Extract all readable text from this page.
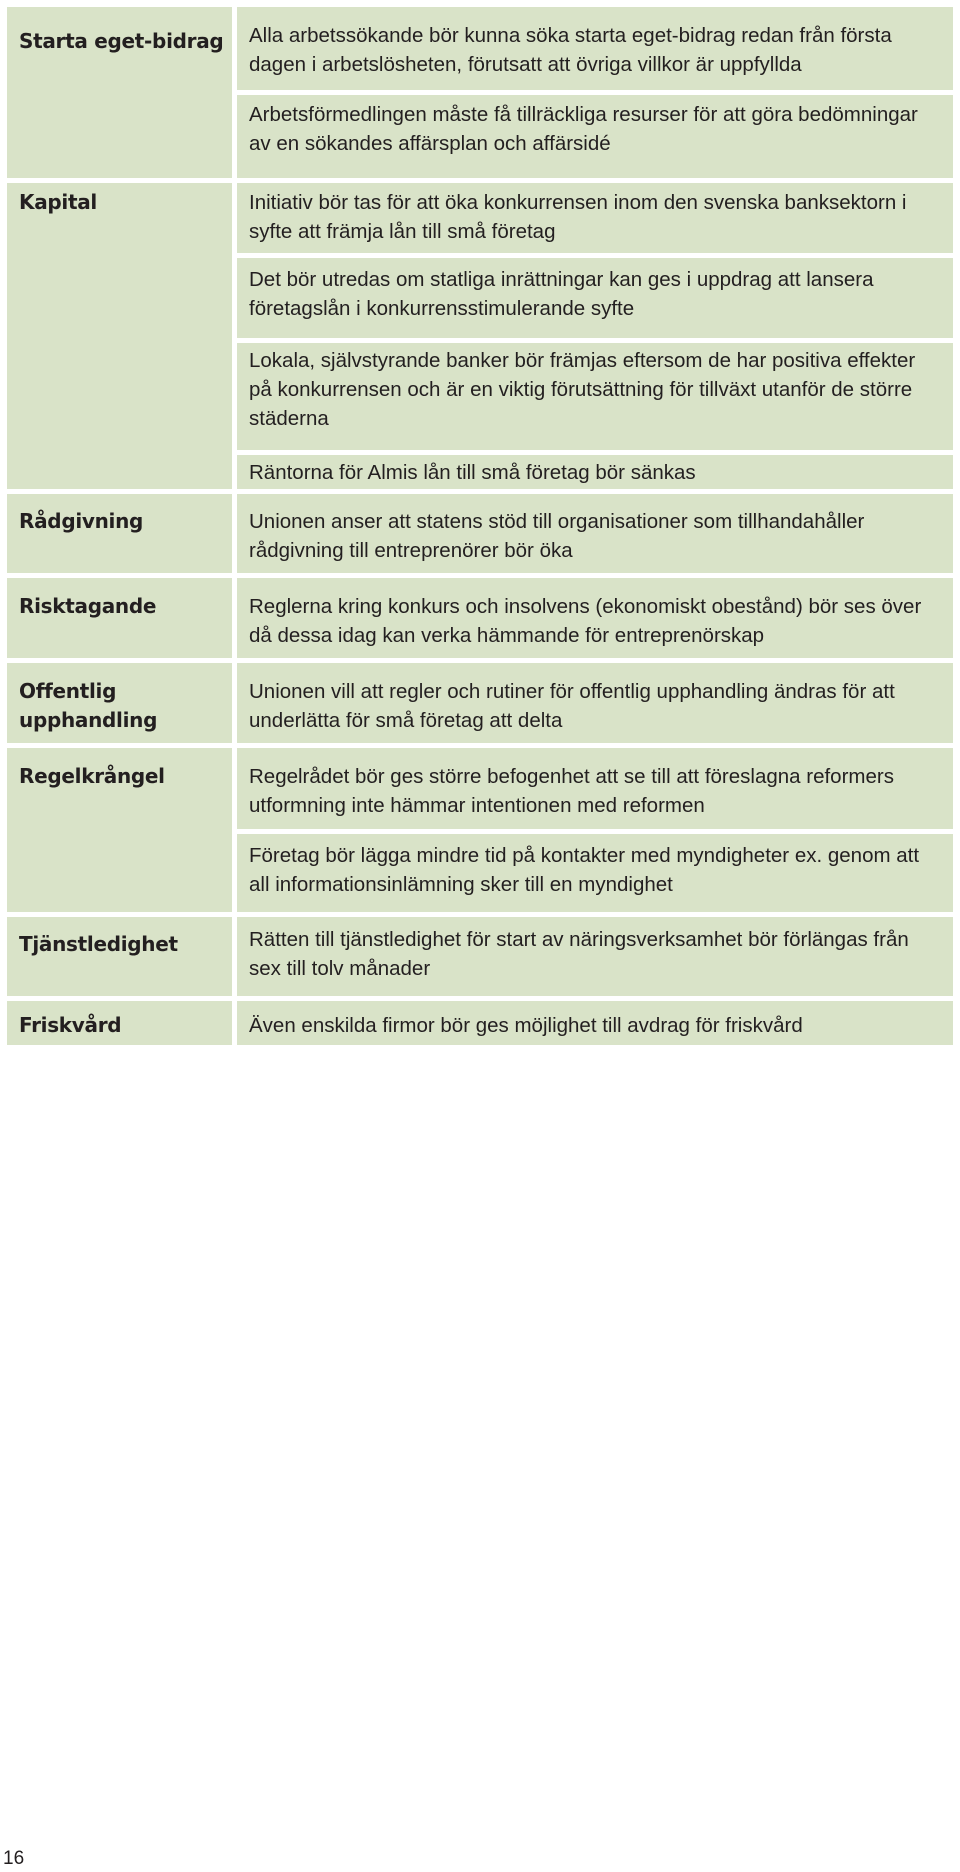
Starta eget-bidrag
Kapital
Rådgivning
Risktagande
Offentlig upphandling
Regelkrångel
Tjänstledighet
Friskvård
Alla arbetssökande bör kunna söka starta eget-bidrag redan från första dagen i arbetslösheten, förutsatt att övriga villkor är uppfyllda
Arbetsförmedlingen måste få tillräckliga resurser för att göra bedömningar av en sökandes affärsplan och affärsidé
Initiativ bör tas för att öka konkurrensen inom den svenska banksektorn i syfte att främja lån till små företag
Det bör utredas om statliga inrättningar kan ges i uppdrag att lansera företagslån i konkurrensstimulerande syfte
Lokala, självstyrande banker bör främjas eftersom de har positiva effekter på konkurrensen och är en viktig förutsättning för tillväxt utanför de större städerna
Räntorna för Almis lån till små företag bör sänkas
Unionen anser att statens stöd till organisationer som tillhandahåller rådgivning till entreprenörer bör öka
Reglerna kring konkurs och insolvens (ekonomiskt obestånd) bör ses över då dessa idag kan verka hämmande för entreprenörskap
Unionen vill att regler och rutiner för offentlig upphandling ändras för att underlätta för små företag att delta
Regelrådet bör ges större befogenhet att se till att föreslagna reformers utformning inte hämmar intentionen med reformen
Företag bör lägga mindre tid på kontakter med myndigheter ex. genom att all informationsinlämning sker till en myndighet
Rätten till tjänstledighet för start av näringsverksamhet bör förlängas från sex till tolv månader
Även enskilda firmor bör ges möjlighet till avdrag för friskvård
16
